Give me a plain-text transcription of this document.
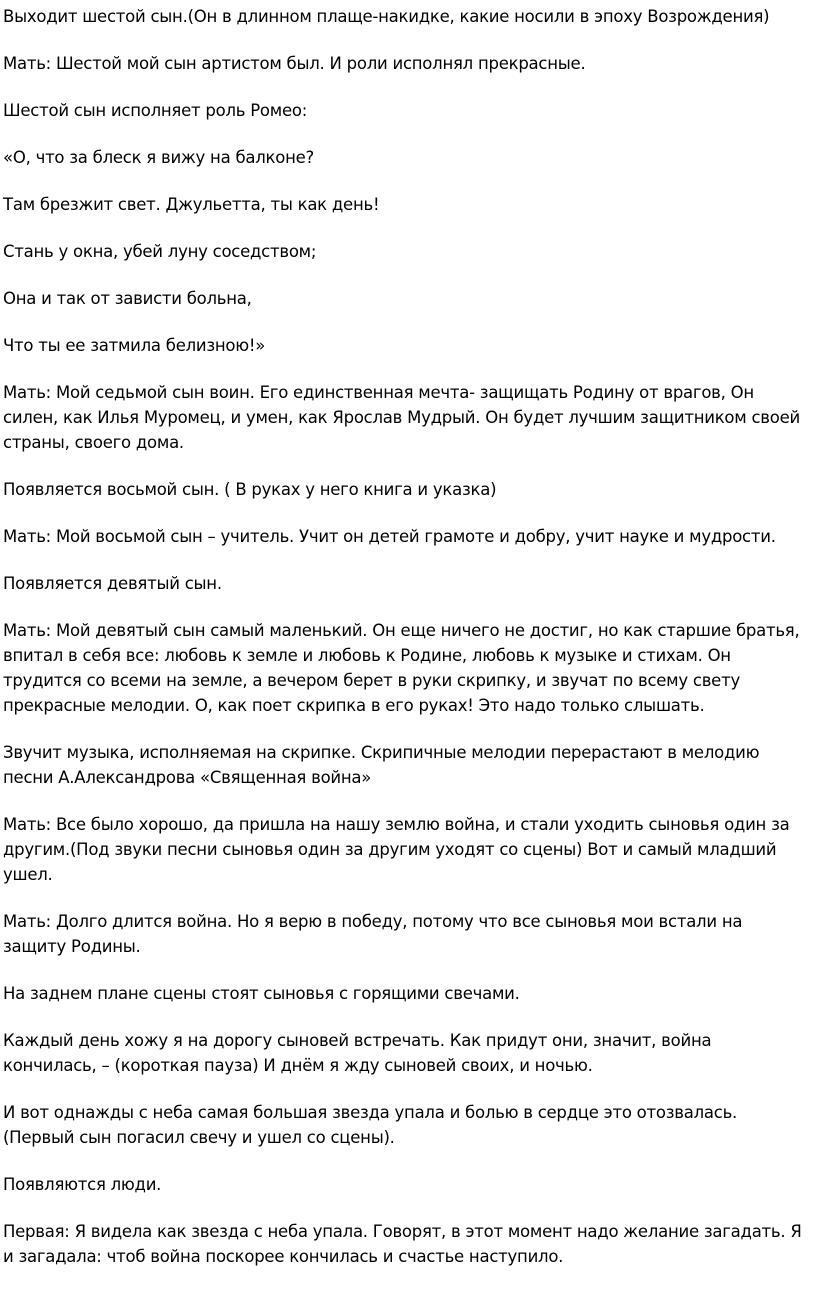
Выходит шестой сын.(Он в длинном плаще-накидке, какие носили в эпоху Возрождения)

Мать: Шестой мой сын артистом был. И роли исполнял прекрасные.

Шестой сын исполняет роль Ромео:

«О, что за блеск я вижу на балконе?

Там брезжит свет. Джульетта, ты как день!

Стань у окна, убей луну соседством;

Она и так от зависти больна,

Что ты ее затмила белизною!»

Мать: Мой седьмой сын воин. Его единственная мечта- защищать Родину от врагов, Он силен, как Илья Муромец, и умен, как Ярослав Мудрый. Он будет лучшим защитником своей страны, своего дома.

Появляется восьмой сын. ( В руках у него книга и указка)

Мать: Мой восьмой сын – учитель. Учит он детей грамоте и добру, учит науке и мудрости.

Появляется девятый сын.

Мать: Мой девятый сын самый маленький. Он еще ничего не достиг, но как старшие братья, впитал в себя все: любовь к земле и любовь к Родине, любовь к музыке и стихам. Он трудится со всеми на земле, а вечером берет в руки скрипку, и звучат по всему свету прекрасные мелодии. О, как поет скрипка в его руках! Это надо только слышать.

Звучит музыка, исполняемая на скрипке. Скрипичные мелодии перерастают в мелодию песни А.Александрова «Священная война»

Мать: Все было хорошо, да пришла на нашу землю война, и стали уходить сыновья один за другим.(Под звуки песни сыновья один за другим уходят со сцены) Вот и самый младший ушел.

Мать: Долго длится война. Но я верю в победу, потому что все сыновья мои встали на защиту Родины.

На заднем плане сцены стоят сыновья с горящими свечами.

Каждый день хожу я на дорогу сыновей встречать. Как придут они, значит, война кончилась, – (короткая пауза) И днём я жду сыновей своих, и ночью.

И вот однажды с неба самая большая звезда упала и болью в сердце это отозвалась. (Первый сын погасил свечу и ушел со сцены).

Появляются люди.

Первая: Я видела как звезда с неба упала. Говорят, в этот момент надо желание загадать. Я и загадала: чтоб война поскорее кончилась и счастье наступило.
